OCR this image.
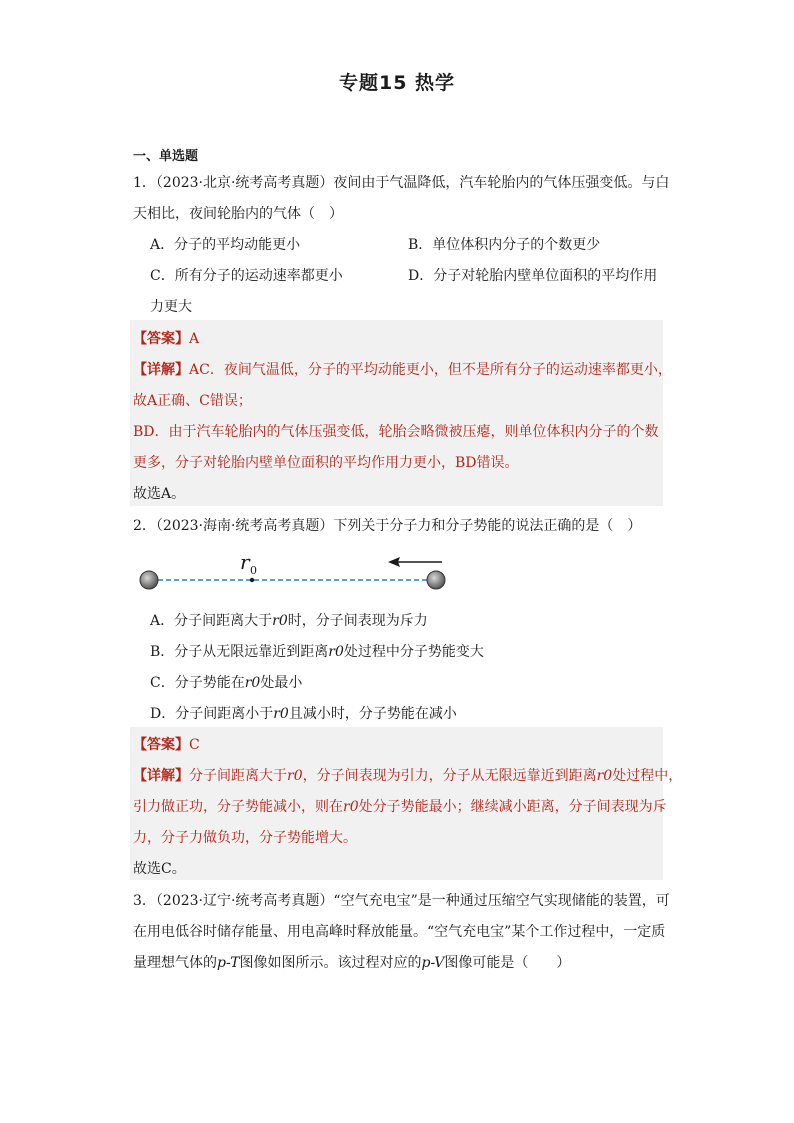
专题15 热学
一、单选题
1．（2023·北京·统考高考真题）夜间由于气温降低，汽车轮胎内的气体压强变低。与白
天相比，夜间轮胎内的气体（　）
A．分子的平均动能更小	B．单位体积内分子的个数更少
C．所有分子的运动速率都更小	D．分子对轮胎内壁单位面积的平均作用
力更大
【答案】A
【详解】AC．夜间气温低，分子的平均动能更小，但不是所有分子的运动速率都更小，
故A正确、C错误；
BD．由于汽车轮胎内的气体压强变低，轮胎会略微被压瘪，则单位体积内分子的个数
更多，分子对轮胎内壁单位面积的平均作用力更小，BD错误。
故选A。
2．（2023·海南·统考高考真题）下列关于分子力和分子势能的说法正确的是（　）
r 0
A．分子间距离大于r0时，分子间表现为斥力
B．分子从无限远靠近到距离r0处过程中分子势能变大
C．分子势能在r0处最小
D．分子间距离小于r0且减小时，分子势能在减小
【答案】C
【详解】分子间距离大于r0，分子间表现为引力，分子从无限远靠近到距离r0处过程中，
引力做正功，分子势能减小，则在r0处分子势能最小；继续减小距离，分子间表现为斥
力，分子力做负功，分子势能增大。
故选C。
3．（2023·辽宁·统考高考真题）“空气充电宝”是一种通过压缩空气实现储能的装置，可
在用电低谷时储存能量、用电高峰时释放能量。“空气充电宝”某个工作过程中，一定质
量理想气体的p-T图像如图所示。该过程对应的p-V图像可能是（　　）
